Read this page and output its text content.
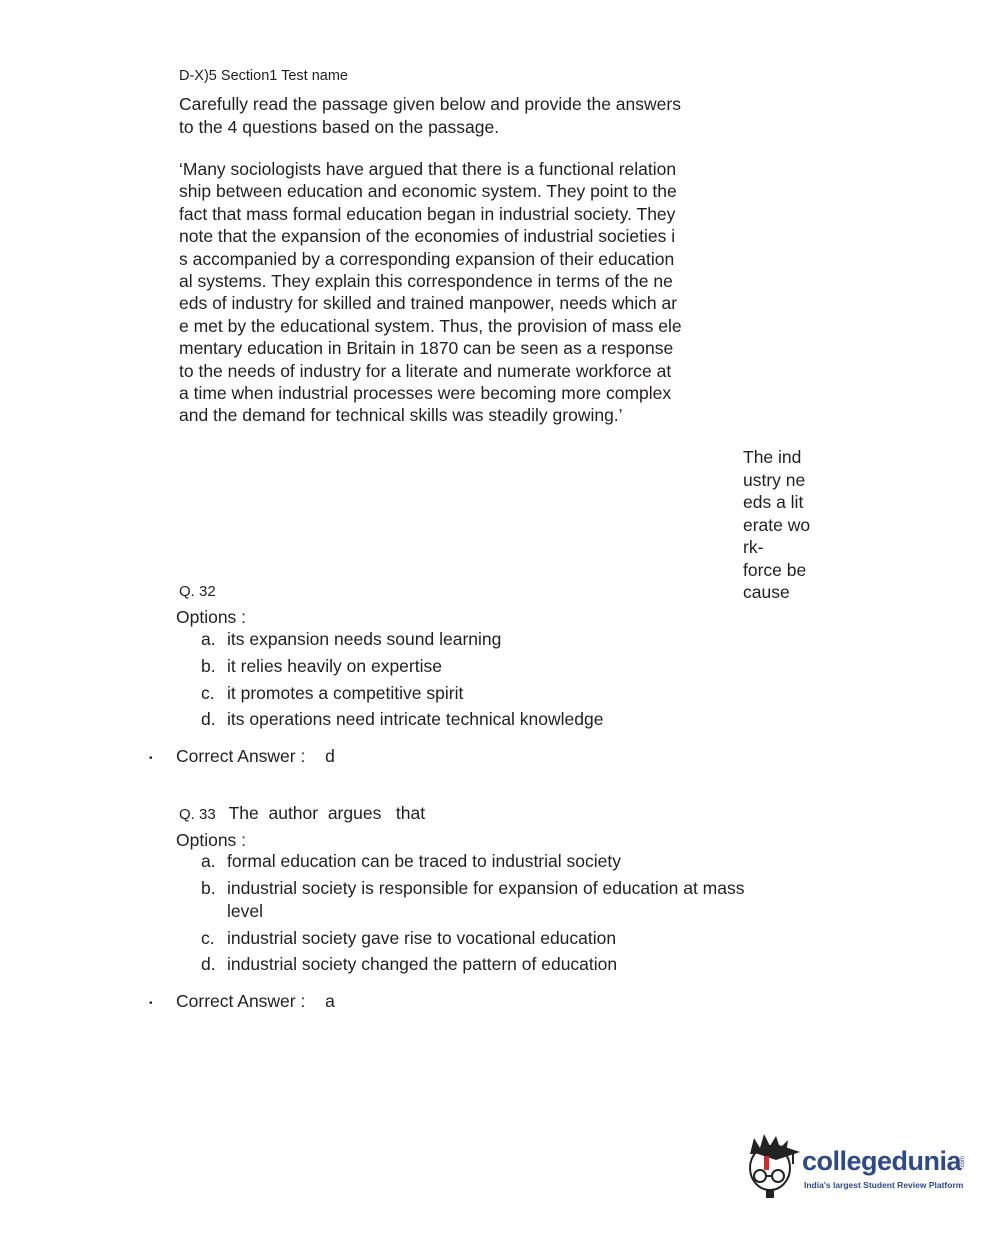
D-X)5 Section1 Test name
Carefully read the passage given below and provide the answers
to the 4 questions based on the passage.
‘Many sociologists have argued that there is a functional relation
ship between education and economic system. They point to the
fact that mass formal education began in industrial society. They
note that the expansion of the economies of industrial societies i
s accompanied by a corresponding expansion of their education
al systems. They explain this correspondence in terms of the ne
eds of industry for skilled and trained manpower, needs which ar
e met by the educational system. Thus, the provision of mass ele
mentary education in Britain in 1870 can be seen as a response
to the needs of industry for a literate and numerate workforce at
a time when industrial processes were becoming more complex
and the demand for technical skills was steadily growing.’
The ind
ustry ne
eds a lit
erate wo
rk-
force be
cause
Q. 32
Options :
a. its expansion needs sound learning
b. it relies heavily on expertise
c. it promotes a competitive spirit
d. its operations need intricate technical knowledge
• Correct Answer : d
Q. 33 The  author  argues   that
Options :
a. formal education can be traced to industrial society
b. industrial society is responsible for expansion of education at mass
level
c. industrial society gave rise to vocational education
d. industrial society changed the pattern of education
• Correct Answer : a
collegedunia
.com
India's largest Student Review Platform
